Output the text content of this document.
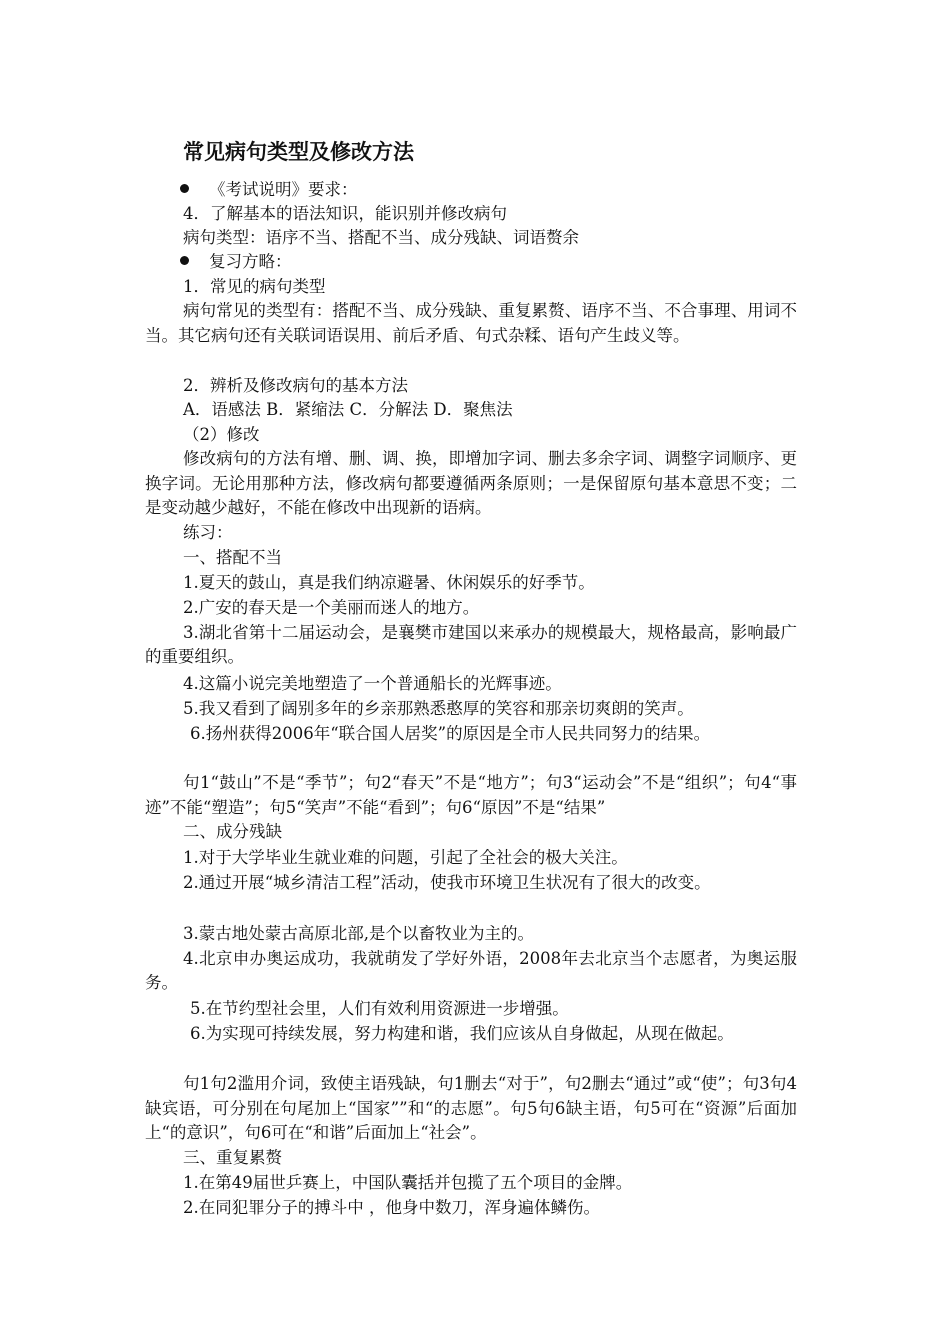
常见病句类型及修改方法
《考试说明》要求：
4．了解基本的语法知识，能识别并修改病句
病句类型：语序不当、搭配不当、成分残缺、词语赘余
复习方略：
1．常见的病句类型
病句常见的类型有：搭配不当、成分残缺、重复累赘、语序不当、不合事理、用词不当。其它病句还有关联词语误用、前后矛盾、句式杂糅、语句产生歧义等。
2．辨析及修改病句的基本方法
A．语感法 B．紧缩法 C．分解法 D．聚焦法
（2）修改
修改病句的方法有增、删、调、换，即增加字词、删去多余字词、调整字词顺序、更换字词。无论用那种方法，修改病句都要遵循两条原则；一是保留原句基本意思不变；二是变动越少越好，不能在修改中出现新的语病。
练习：
一、搭配不当
1.夏天的鼓山，真是我们纳凉避暑、休闲娱乐的好季节。
2.广安的春天是一个美丽而迷人的地方。
3.湖北省第十二届运动会，是襄樊市建国以来承办的规模最大，规格最高，影响最广的重要组织。
4.这篇小说完美地塑造了一个普通船长的光辉事迹。
5.我又看到了阔别多年的乡亲那熟悉憨厚的笑容和那亲切爽朗的笑声。
6.扬州获得2006年“联合国人居奖”的原因是全市人民共同努力的结果。
句1“鼓山”不是“季节”；句2“春天”不是“地方”；句3“运动会”不是“组织”；句4“事迹”不能“塑造”；句5“笑声”不能“看到”；句6“原因”不是“结果”
二、成分残缺
1.对于大学毕业生就业难的问题，引起了全社会的极大关注。
2.通过开展“城乡清洁工程”活动，使我市环境卫生状况有了很大的改变。
3.蒙古地处蒙古高原北部,是个以畜牧业为主的。
4.北京申办奥运成功，我就萌发了学好外语，2008年去北京当个志愿者，为奥运服务。
5.在节约型社会里，人们有效利用资源进一步增强。
6.为实现可持续发展，努力构建和谐，我们应该从自身做起，从现在做起。
句1句2滥用介词，致使主语残缺，句1删去“对于”，句2删去“通过”或“使”；句3句4缺宾语，可分别在句尾加上“国家””和“的志愿”。句5句6缺主语，句5可在“资源”后面加上“的意识”，句6可在“和谐”后面加上“社会”。
三、重复累赘
1.在第49届世乒赛上，中国队囊括并包揽了五个项目的金牌。
2.在同犯罪分子的搏斗中 ，他身中数刀，浑身遍体鳞伤。
